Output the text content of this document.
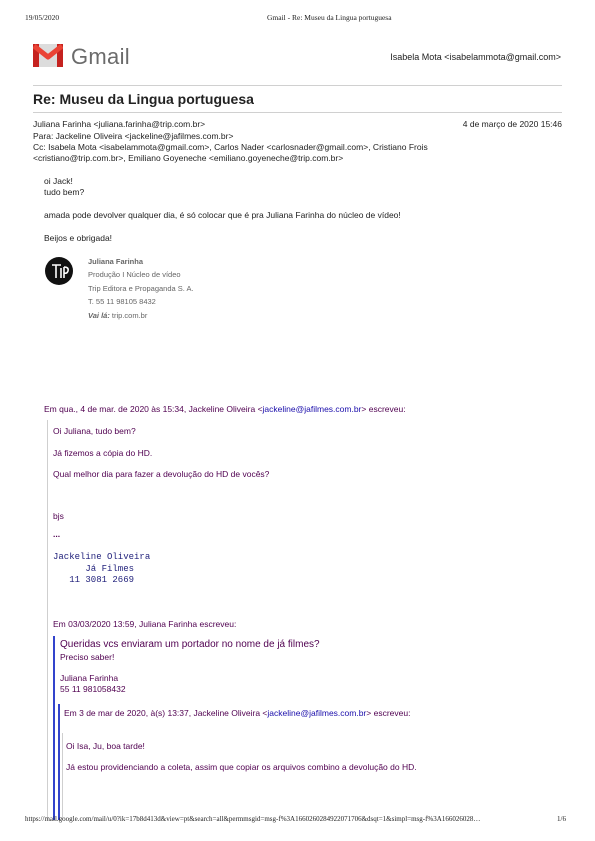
19/05/2020	Gmail - Re: Museu da Lingua portuguesa
Gmail	Isabela Mota <isabelammota@gmail.com>
Re: Museu da Lingua portuguesa
Juliana Farinha <juliana.farinha@trip.com.br>	4 de março de 2020 15:46
Para: Jackeline Oliveira <jackeline@jafilmes.com.br>
Cc: Isabela Mota <isabelammota@gmail.com>, Carlos Nader <carlosnader@gmail.com>, Cristiano Frois
<cristiano@trip.com.br>, Emiliano Goyeneche <emiliano.goyeneche@trip.com.br>
oi Jack!
tudo bem?
amada pode devolver qualquer dia, é só colocar que é pra Juliana Farinha do núcleo de vídeo!
Beijos e obrigada!
Juliana Farinha
Produção I Núcleo de vídeo
Trip Editora e Propaganda S. A.
T. 55 11 98105 8432
Vai lá: trip.com.br
Em qua., 4 de mar. de 2020 às 15:34, Jackeline Oliveira <jackeline@jafilmes.com.br> escreveu:
Oi Juliana, tudo bem?
Já fizemos a cópia do HD.
Qual melhor dia para fazer a devolução do HD de vocês?
bjs
...
Jackeline Oliveira
Já Filmes
11 3081 2669
Em 03/03/2020 13:59, Juliana Farinha escreveu:
Queridas vcs enviaram um portador no nome de já filmes?
Preciso saber!
Juliana Farinha
55 11 981058432
Em 3 de mar de 2020, à(s) 13:37, Jackeline Oliveira <jackeline@jafilmes.com.br> escreveu:
Oi Isa, Ju, boa tarde!
Já estou providenciando a coleta, assim que copiar os arquivos combino a devolução do HD.
https://mail.google.com/mail/u/0?ik=17b8d413d&view=pt&search=all&permmsgid=msg-f%3A1660260284922071706&dsqt=1&simpl=msg-f%3A166026028…	1/6
